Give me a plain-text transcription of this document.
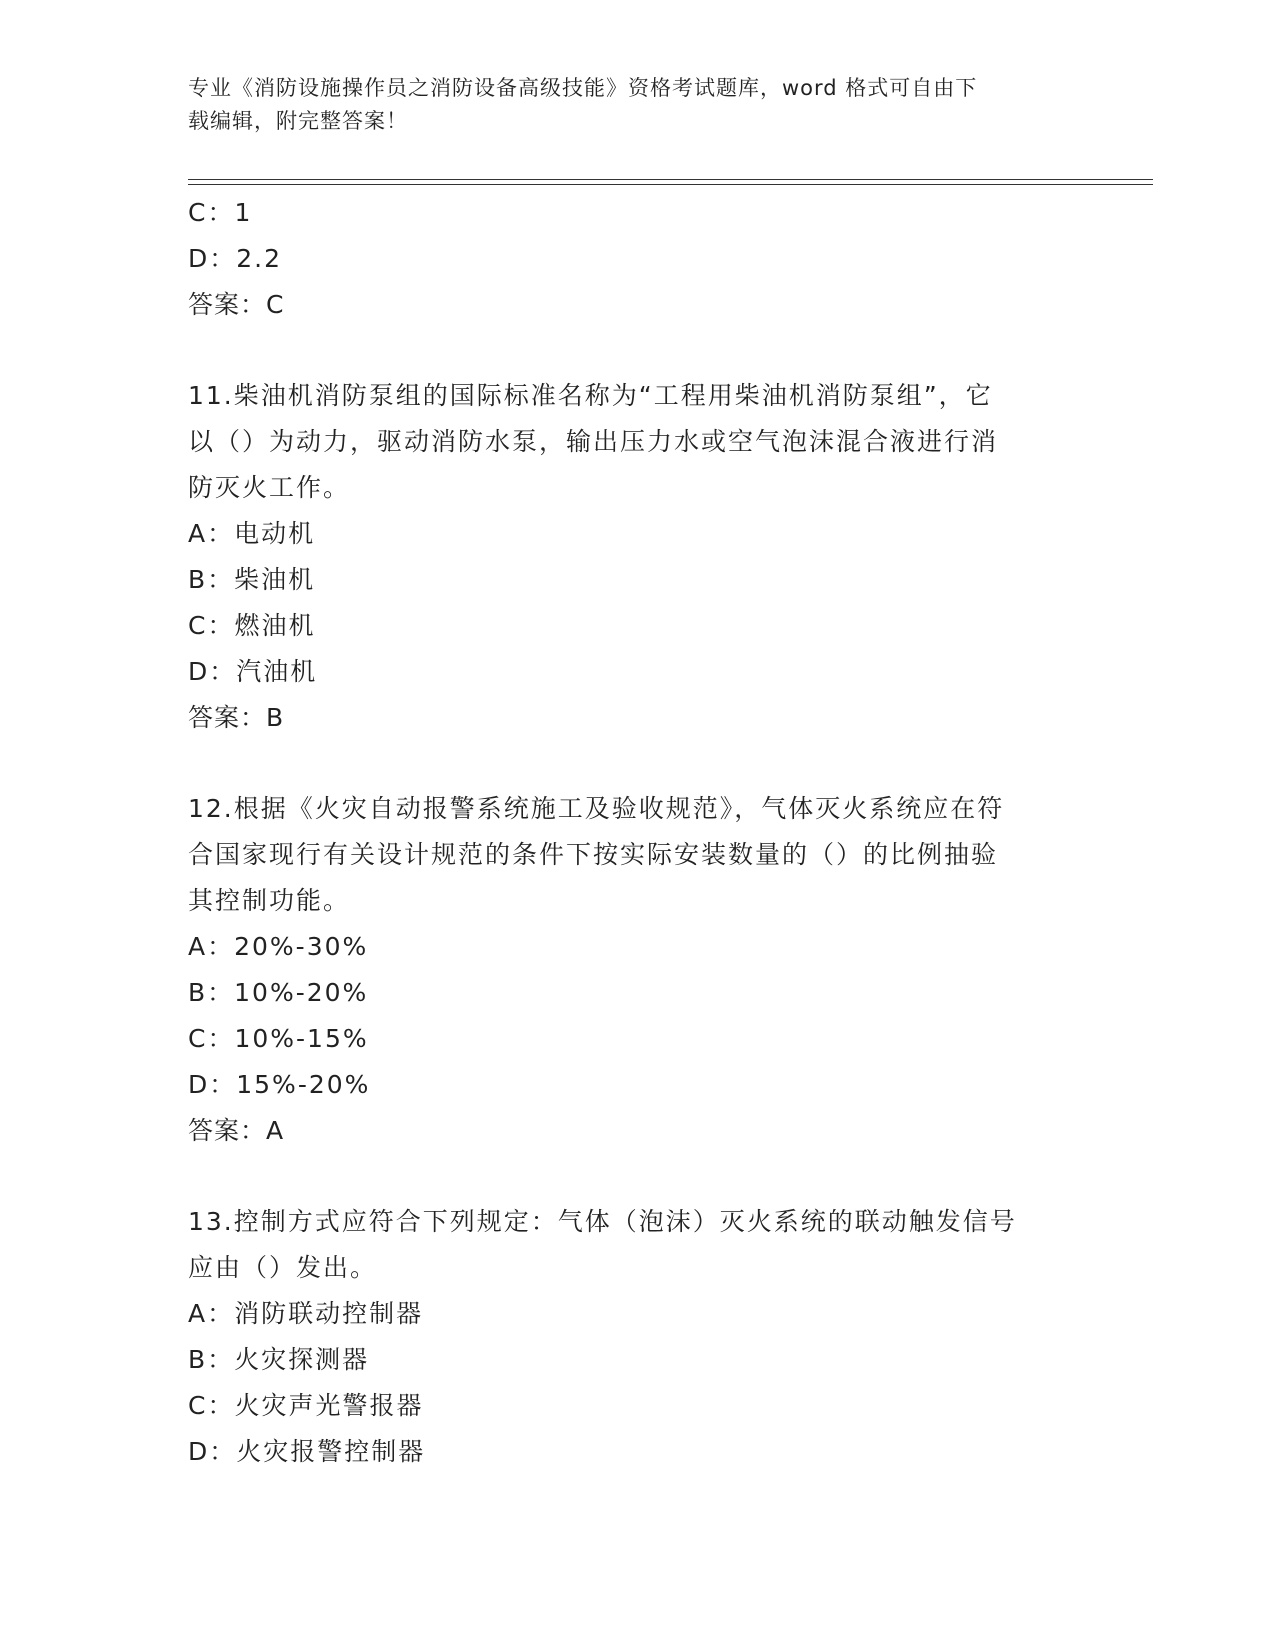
专业《消防设施操作员之消防设备高级技能》资格考试题库，word 格式可自由下
载编辑，附完整答案！
C：1
D：2.2
答案：C
11.柴油机消防泵组的国际标准名称为“工程用柴油机消防泵组”，它
以（）为动力，驱动消防水泵，输出压力水或空气泡沫混合液进行消
防灭火工作。
A：电动机
B：柴油机
C：燃油机
D：汽油机
答案：B
12.根据《火灾自动报警系统施工及验收规范》，气体灭火系统应在符
合国家现行有关设计规范的条件下按实际安装数量的（）的比例抽验
其控制功能。
A：20%-30%
B：10%-20%
C：10%-15%
D：15%-20%
答案：A
13.控制方式应符合下列规定：气体（泡沫）灭火系统的联动触发信号
应由（）发出。
A：消防联动控制器
B：火灾探测器
C：火灾声光警报器
D：火灾报警控制器
